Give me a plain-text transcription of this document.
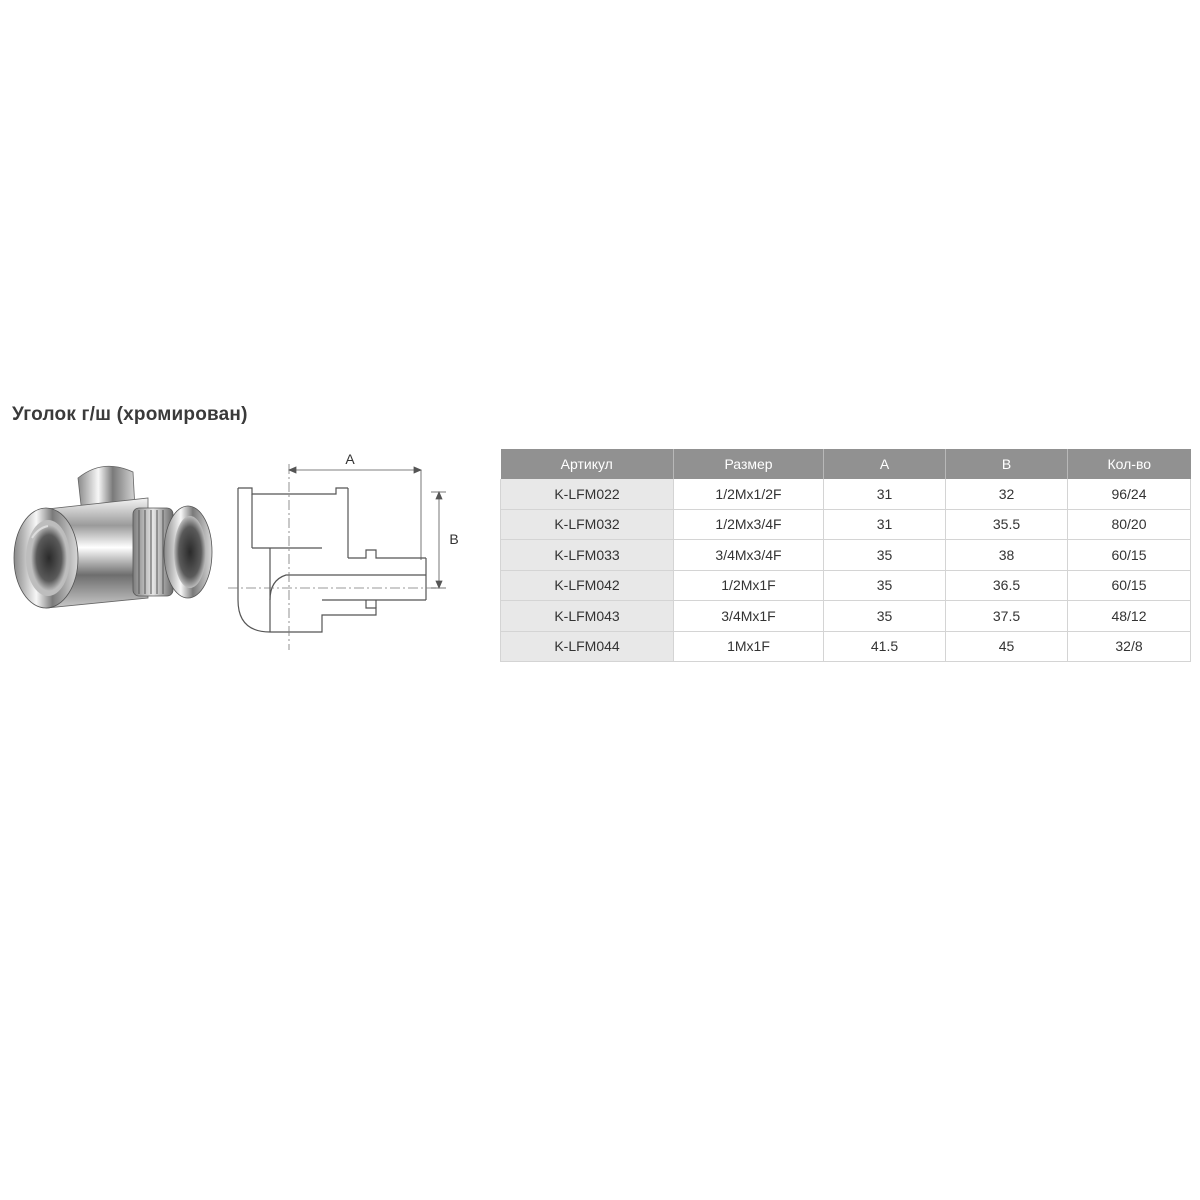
Уголок г/ш (хромирован)
A
B
Артикул	Размер	A	B	Кол-во
K-LFM022	1/2Mx1/2F	31	32	96/24
K-LFM032	1/2Mx3/4F	31	35.5	80/20
K-LFM033	3/4Mx3/4F	35	38	60/15
K-LFM042	1/2Mx1F	35	36.5	60/15
K-LFM043	3/4Mx1F	35	37.5	48/12
K-LFM044	1Mx1F	41.5	45	32/8
